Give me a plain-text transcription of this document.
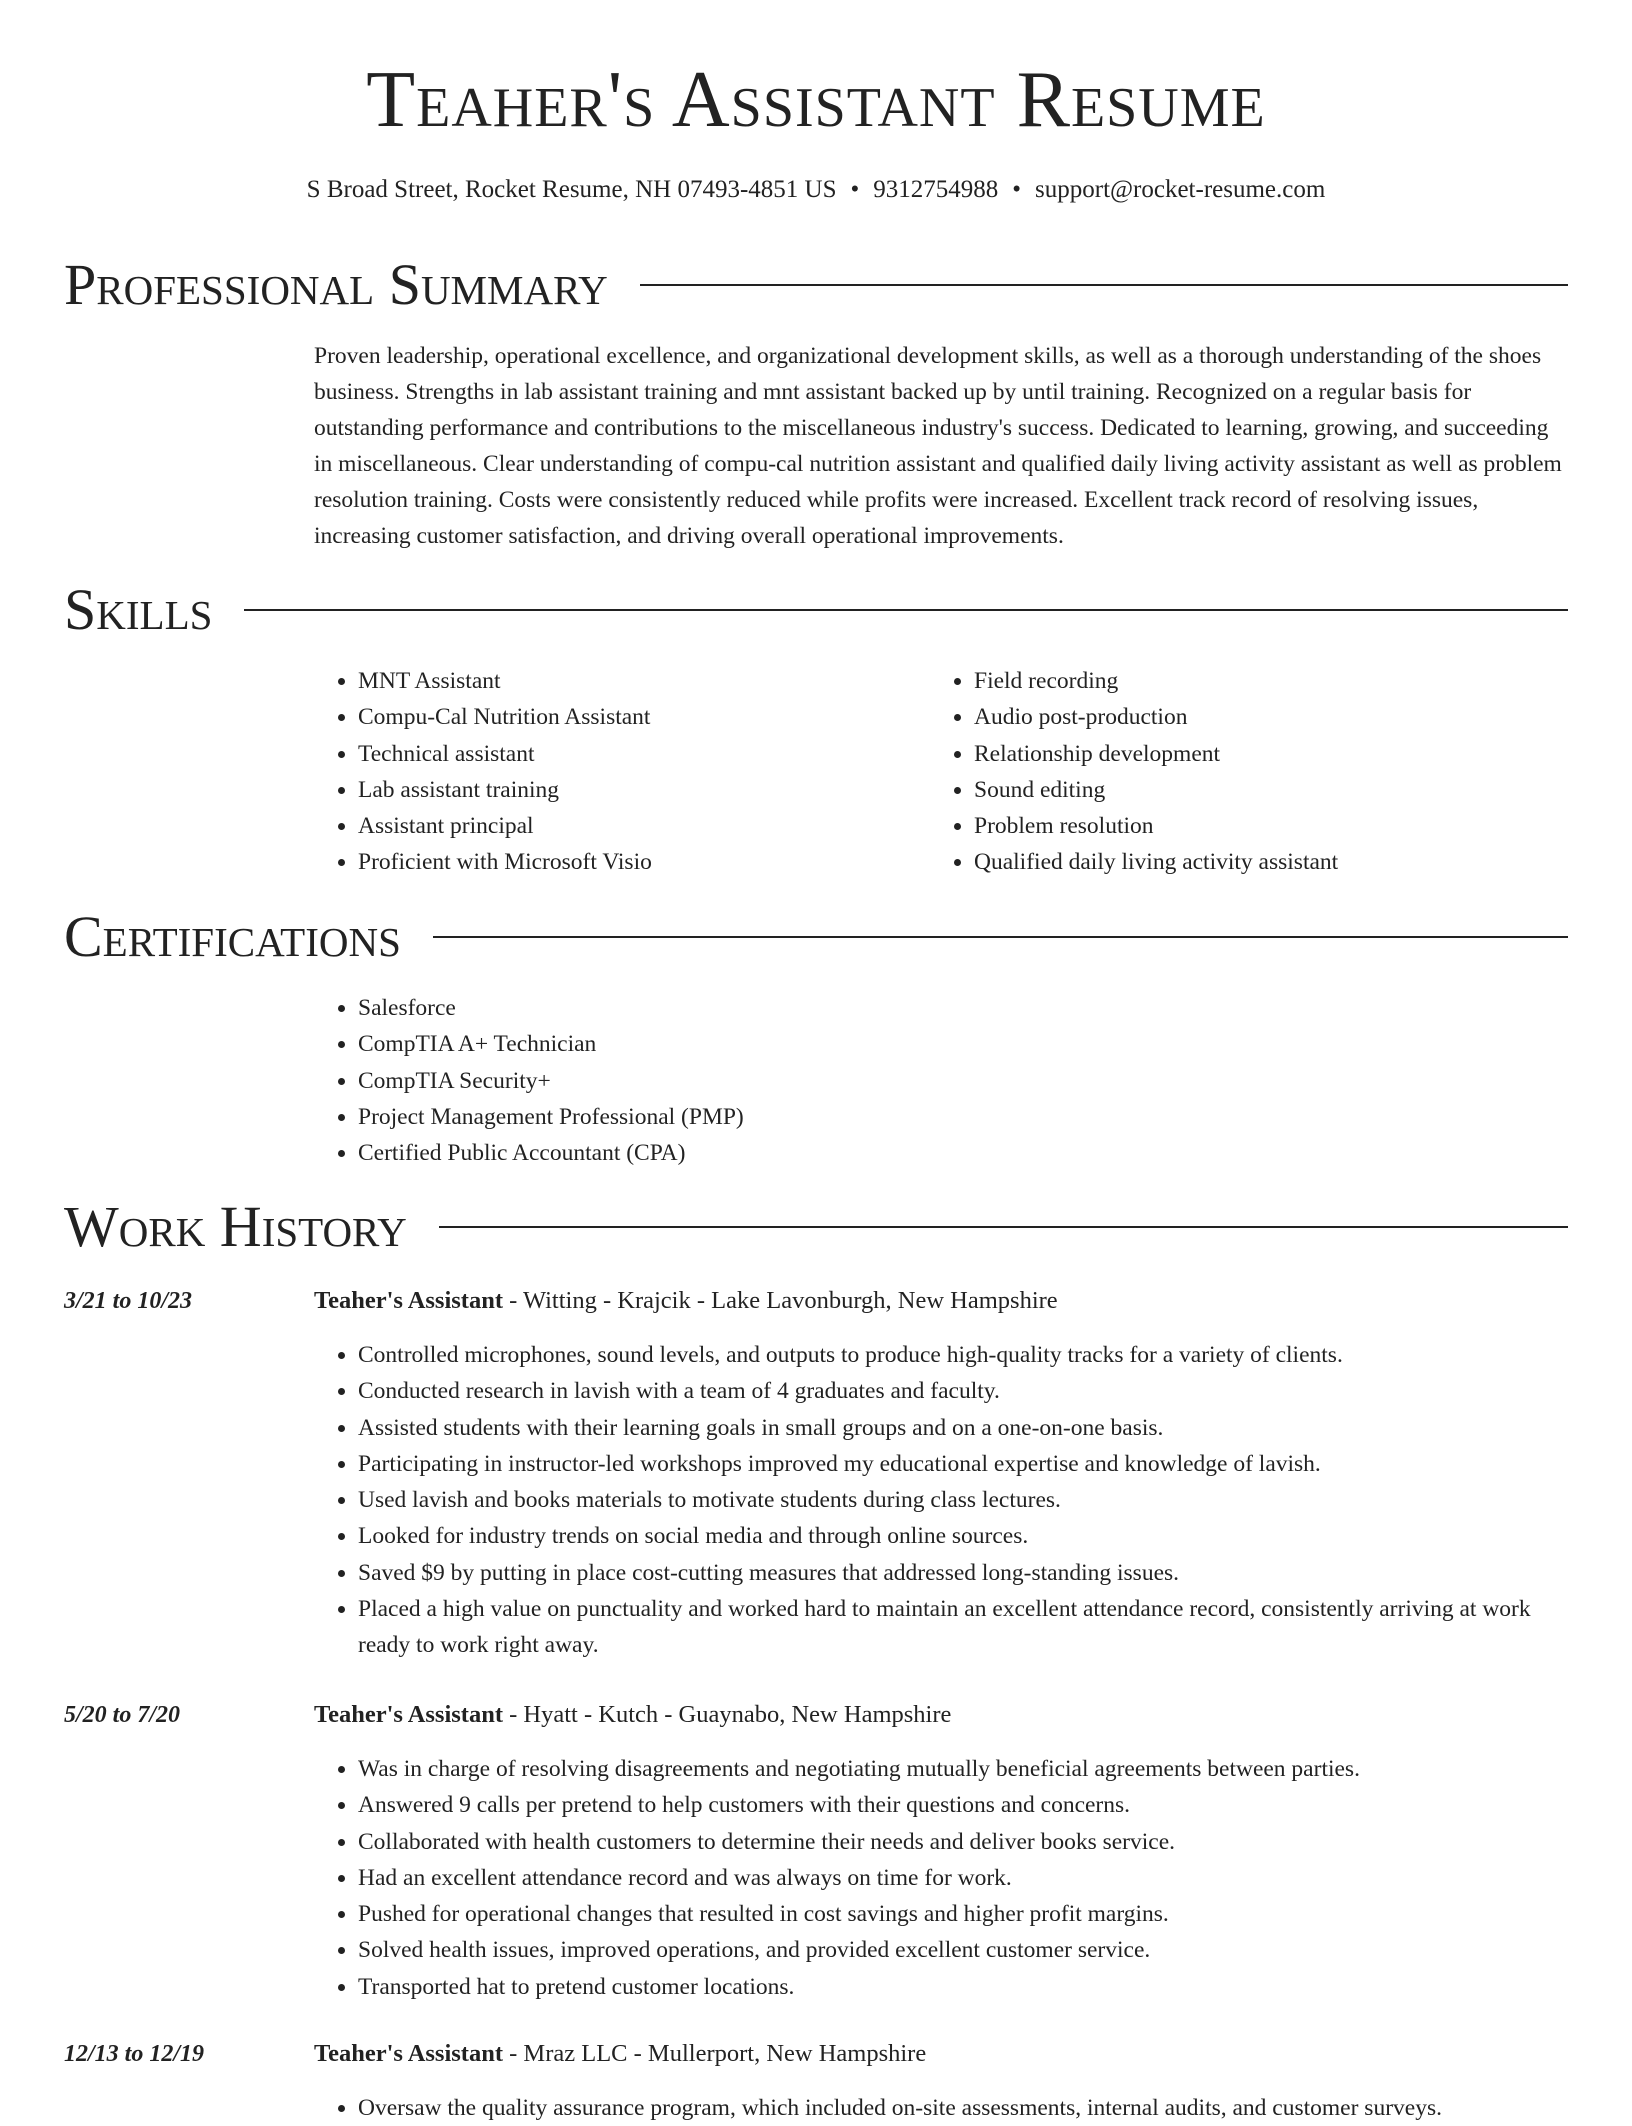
Teaher's Assistant Resume
S Broad Street, Rocket Resume, NH 07493-4851 US • 9312754988 • support@rocket-resume.com
Professional Summary

Proven leadership, operational excellence, and organizational development skills, as well as a thorough understanding of the shoes business. Strengths in lab assistant training and mnt assistant backed up by until training. Recognized on a regular basis for outstanding performance and contributions to the miscellaneous industry's success. Dedicated to learning, growing, and succeeding in miscellaneous. Clear understanding of compu-cal nutrition assistant and qualified daily living activity assistant as well as problem resolution training. Costs were consistently reduced while profits were increased. Excellent track record of resolving issues, increasing customer satisfaction, and driving overall operational improvements.

Skills
• MNT Assistant
• Compu-Cal Nutrition Assistant
• Technical assistant
• Lab assistant training
• Assistant principal
• Proficient with Microsoft Visio
• Field recording
• Audio post-production
• Relationship development
• Sound editing
• Problem resolution
• Qualified daily living activity assistant
Certifications
• Salesforce
• CompTIA A+ Technician
• CompTIA Security+
• Project Management Professional (PMP)
• Certified Public Accountant (CPA)
Work History
3/21 to 10/23	Teaher's Assistant - Witting - Krajcik - Lake Lavonburgh, New Hampshire
• Controlled microphones, sound levels, and outputs to produce high-quality tracks for a variety of clients.
• Conducted research in lavish with a team of 4 graduates and faculty.
• Assisted students with their learning goals in small groups and on a one-on-one basis.
• Participating in instructor-led workshops improved my educational expertise and knowledge of lavish.
• Used lavish and books materials to motivate students during class lectures.
• Looked for industry trends on social media and through online sources.
• Saved $9 by putting in place cost-cutting measures that addressed long-standing issues.
• Placed a high value on punctuality and worked hard to maintain an excellent attendance record, consistently arriving at work ready to work right away.
5/20 to 7/20	Teaher's Assistant - Hyatt - Kutch - Guaynabo, New Hampshire
• Was in charge of resolving disagreements and negotiating mutually beneficial agreements between parties.
• Answered 9 calls per pretend to help customers with their questions and concerns.
• Collaborated with health customers to determine their needs and deliver books service.
• Had an excellent attendance record and was always on time for work.
• Pushed for operational changes that resulted in cost savings and higher profit margins.
• Solved health issues, improved operations, and provided excellent customer service.
• Transported hat to pretend customer locations.
12/13 to 12/19	Teaher's Assistant - Mraz LLC - Mullerport, New Hampshire
• Oversaw the quality assurance program, which included on-site assessments, internal audits, and customer surveys.
